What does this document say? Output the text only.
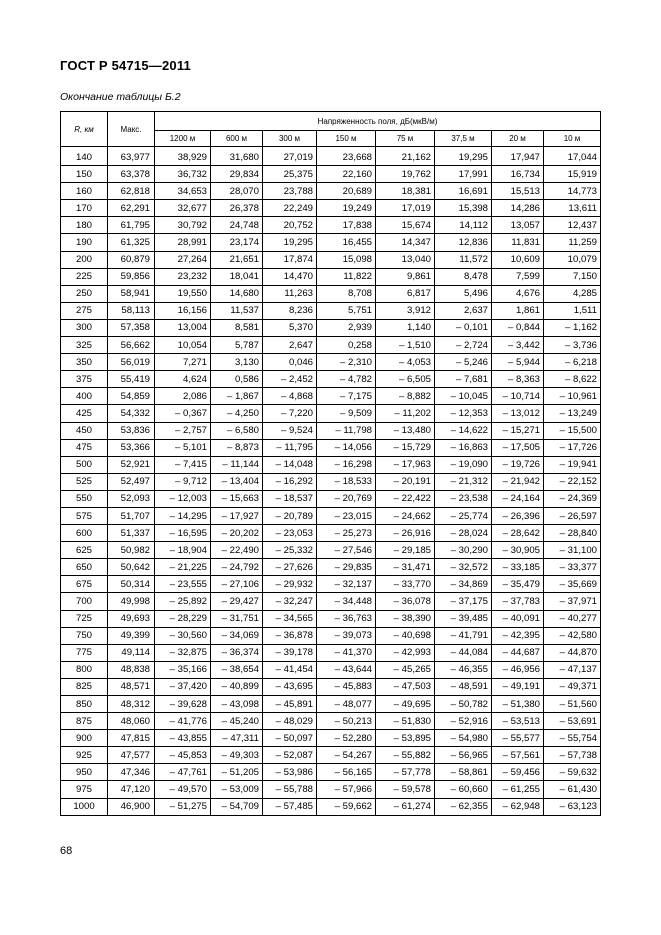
ГОСТ Р 54715—2011
Окончание таблицы Б.2
R, км	Макс.	Напряженность поля, дБ(мкВ/м)							
		1200 м	600 м	300 м	150 м	75 м	37,5 м	20 м	10 м
140	63,977	38,929	31,680	27,019	23,668	21,162	19,295	17,947	17,044
150	63,378	36,732	29,834	25,375	22,160	19,762	17,991	16,734	15,919
160	62,818	34,653	28,070	23,788	20,689	18,381	16,691	15,513	14,773
170	62,291	32,677	26,378	22,249	19,249	17,019	15,398	14,286	13,611
180	61,795	30,792	24,748	20,752	17,838	15,674	14,112	13,057	12,437
190	61,325	28,991	23,174	19,295	16,455	14,347	12,836	11,831	11,259
200	60,879	27,264	21,651	17,874	15,098	13,040	11,572	10,609	10,079
225	59,856	23,232	18,041	14,470	11,822	9,861	8,478	7,599	7,150
250	58,941	19,550	14,680	11,263	8,708	6,817	5,496	4,676	4,285
275	58,113	16,156	11,537	8,236	5,751	3,912	2,637	1,861	1,511
300	57,358	13,004	8,581	5,370	2,939	1,140	– 0,101	– 0,844	– 1,162
325	56,662	10,054	5,787	2,647	0,258	– 1,510	– 2,724	– 3,442	– 3,736
350	56,019	7,271	3,130	0,046	– 2,310	– 4,053	– 5,246	– 5,944	– 6,218
375	55,419	4,624	0,586	– 2,452	– 4,782	– 6,505	– 7,681	– 8,363	– 8,622
400	54,859	2,086	– 1,867	– 4,868	– 7,175	– 8,882	– 10,045	– 10,714	– 10,961
425	54,332	– 0,367	– 4,250	– 7,220	– 9,509	– 11,202	– 12,353	– 13,012	– 13,249
450	53,836	– 2,757	– 6,580	– 9,524	– 11,798	– 13,480	– 14,622	– 15,271	– 15,500
475	53,366	– 5,101	– 8,873	– 11,795	– 14,056	– 15,729	– 16,863	– 17,505	– 17,726
500	52,921	– 7,415	– 11,144	– 14,048	– 16,298	– 17,963	– 19,090	– 19,726	– 19,941
525	52,497	– 9,712	– 13,404	– 16,292	– 18,533	– 20,191	– 21,312	– 21,942	– 22,152
550	52,093	– 12,003	– 15,663	– 18,537	– 20,769	– 22,422	– 23,538	– 24,164	– 24,369
575	51,707	– 14,295	– 17,927	– 20,789	– 23,015	– 24,662	– 25,774	– 26,396	– 26,597
600	51,337	– 16,595	– 20,202	– 23,053	– 25,273	– 26,916	– 28,024	– 28,642	– 28,840
625	50,982	– 18,904	– 22,490	– 25,332	– 27,546	– 29,185	– 30,290	– 30,905	– 31,100
650	50,642	– 21,225	– 24,792	– 27,626	– 29,835	– 31,471	– 32,572	– 33,185	– 33,377
675	50,314	– 23,555	– 27,106	– 29,932	– 32,137	– 33,770	– 34,869	– 35,479	– 35,669
700	49,998	– 25,892	– 29,427	– 32,247	– 34,448	– 36,078	– 37,175	– 37,783	– 37,971
725	49,693	– 28,229	– 31,751	– 34,565	– 36,763	– 38,390	– 39,485	– 40,091	– 40,277
750	49,399	– 30,560	– 34,069	– 36,878	– 39,073	– 40,698	– 41,791	– 42,395	– 42,580
775	49,114	– 32,875	– 36,374	– 39,178	– 41,370	– 42,993	– 44,084	– 44,687	– 44,870
800	48,838	– 35,166	– 38,654	– 41,454	– 43,644	– 45,265	– 46,355	– 46,956	– 47,137
825	48,571	– 37,420	– 40,899	– 43,695	– 45,883	– 47,503	– 48,591	– 49,191	– 49,371
850	48,312	– 39,628	– 43,098	– 45,891	– 48,077	– 49,695	– 50,782	– 51,380	– 51,560
875	48,060	– 41,776	– 45,240	– 48,029	– 50,213	– 51,830	– 52,916	– 53,513	– 53,691
900	47,815	– 43,855	– 47,311	– 50,097	– 52,280	– 53,895	– 54,980	– 55,577	– 55,754
925	47,577	– 45,853	– 49,303	– 52,087	– 54,267	– 55,882	– 56,965	– 57,561	– 57,738
950	47,346	– 47,761	– 51,205	– 53,986	– 56,165	– 57,778	– 58,861	– 59,456	– 59,632
975	47,120	– 49,570	– 53,009	– 55,788	– 57,966	– 59,578	– 60,660	– 61,255	– 61,430
1000	46,900	– 51,275	– 54,709	– 57,485	– 59,662	– 61,274	– 62,355	– 62,948	– 63,123
68
